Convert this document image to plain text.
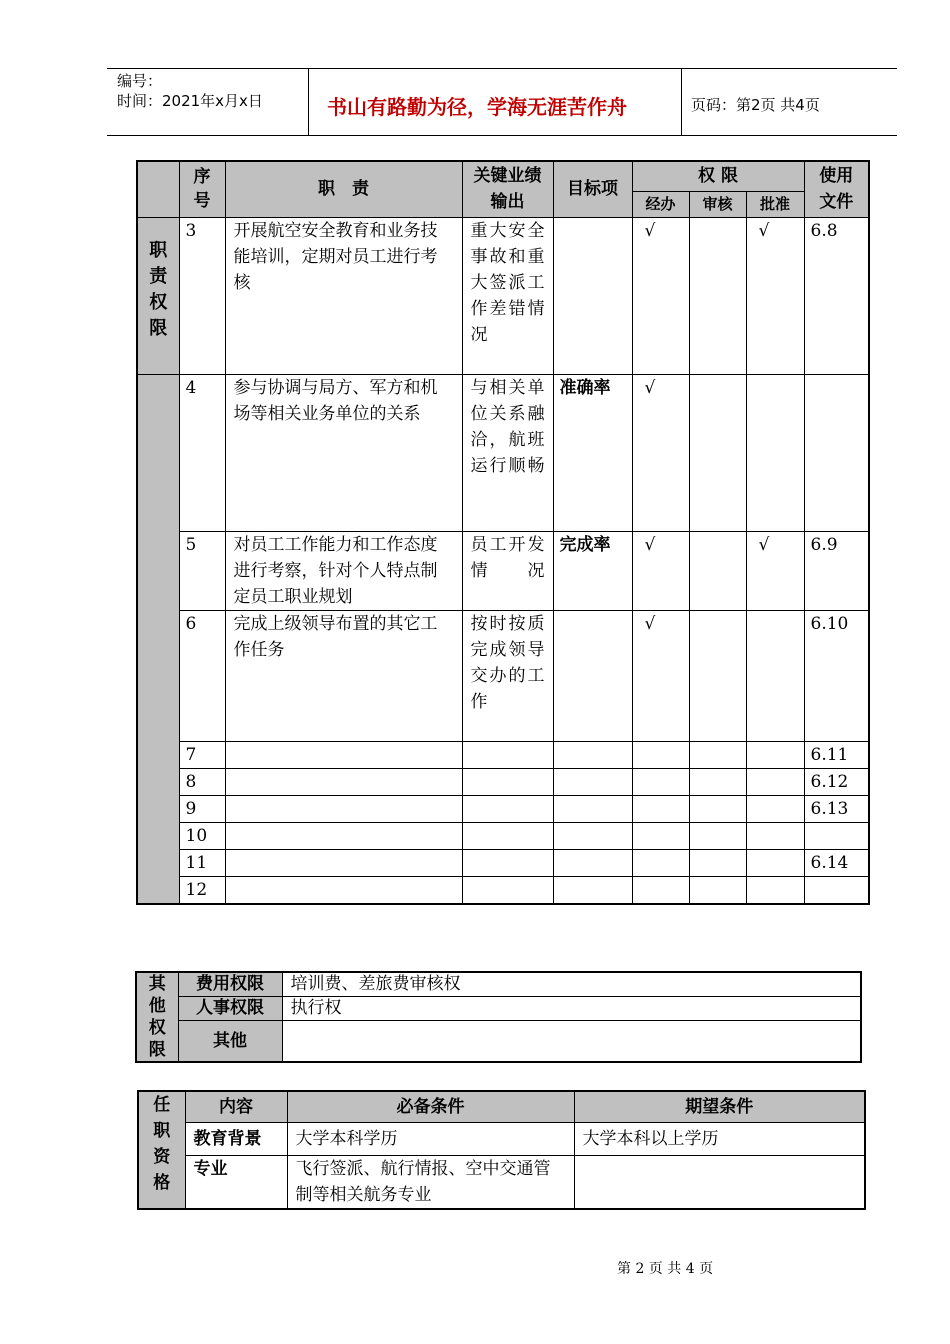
编号：
时间：2021年x月x日	书山有路勤为径，学海无涯苦作舟	页码：第2页 共4页

	序号	职　责	关键业绩输出	目标项	权 限			使用文件

					经办	审核	批准	

职责权限	3	开展航空安全教育和业务技能培训，定期对员工进行考核	重大安全事故和重大签派工作差错情况		√		√	6.8
	4	参与协调与局方、军方和机场等相关业务单位的关系	与相关单位关系融洽，航班运行顺畅	准确率	√			
	5	对员工工作能力和工作态度进行考察，针对个人特点制定员工职业规划	员工开发情况	完成率	√		√	6.9
	6	完成上级领导布置的其它工作任务	按时按质完成领导交办的工作		√			6.10
	7							6.11
	8							6.12
	9							6.13
	10							
	11							6.14
	12							
其他权限	费用权限	培训费、差旅费审核权
	人事权限	执行权
	其他	
任职资格	内容	必备条件	期望条件
	教育背景	大学本科学历	大学本科以上学历
	专业	飞行签派、航行情报、空中交通管制等相关航务专业	
第 2 页 共 4 页
